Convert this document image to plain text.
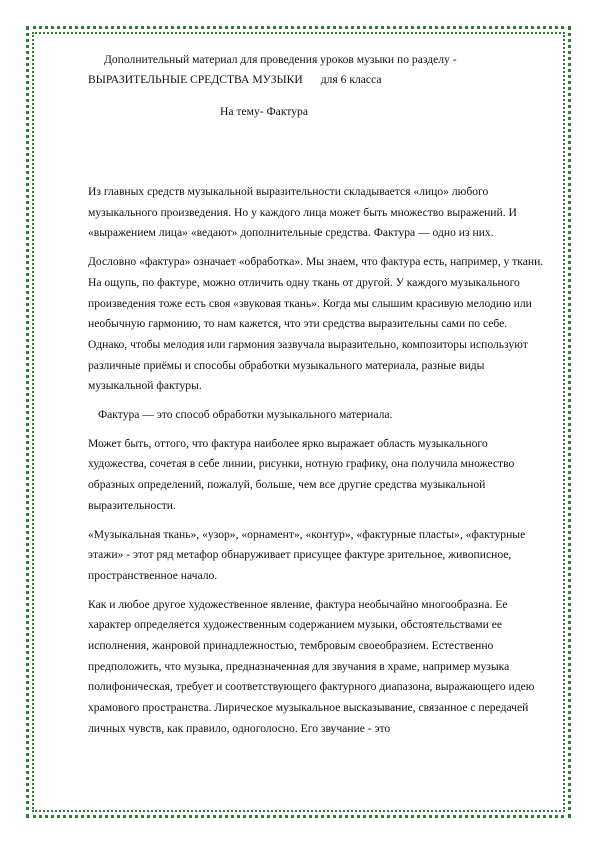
Дополнительный материал для проведения уроков музыки по разделу -

ВЫРАЗИТЕЛЬНЫЕ СРЕДСТВА МУЗЫКИ для 6 класса

На тему- Фактура

Из главных средств музыкальной выразительности складывается «лицо» любого музыкального произведения. Но у каждого лица может быть множество выражений. И «выражением лица» «ведают» дополнительные средства. Фактура — одно из них.

Дословно «фактура» означает «обработка». Мы знаем, что фактура есть, например, у ткани. На ощупь, по фактуре, можно отличить одну ткань от другой. У каждого музыкального произведения тоже есть своя «звуковая ткань». Когда мы слышим красивую мелодию или необычную гармонию, то нам кажется, что эти средства выразительны сами по себе. Однако, чтобы мелодия или гармония зазвучала выразительно, композиторы используют различные приёмы и способы обработки музыкального материала, разные виды музыкальной фактуры.

Фактура — это способ обработки музыкального материала.

Может быть, оттого, что фактура наиболее ярко выражает область музыкального художества, сочетая в себе линии, рисунки, нотную графику, она получила множество образных определений, пожалуй, больше, чем все другие средства музыкальной выразительности.

«Музыкальная ткань», «узор», «орнамент», «контур», «фактурные пласты», «фактурные этажи» - этот ряд метафор обнаруживает присущее фактуре зрительное, живописное, пространственное начало.

Как и любое другое художественное явление, фактура необычайно многообразна. Ее характер определяется художественным содержанием музыки, обстоятельствами ее исполнения, жанровой принадлежностью, тембровым своеобразием. Естественно предположить, что музыка, предназначенная для звучания в храме, например музыка полифоническая, требует и соответствующего фактурного диапазона, выражающего идею храмового пространства. Лирическое музыкальное высказывание, связанное с передачей личных чувств, как правило, одноголосно. Его звучание - это
